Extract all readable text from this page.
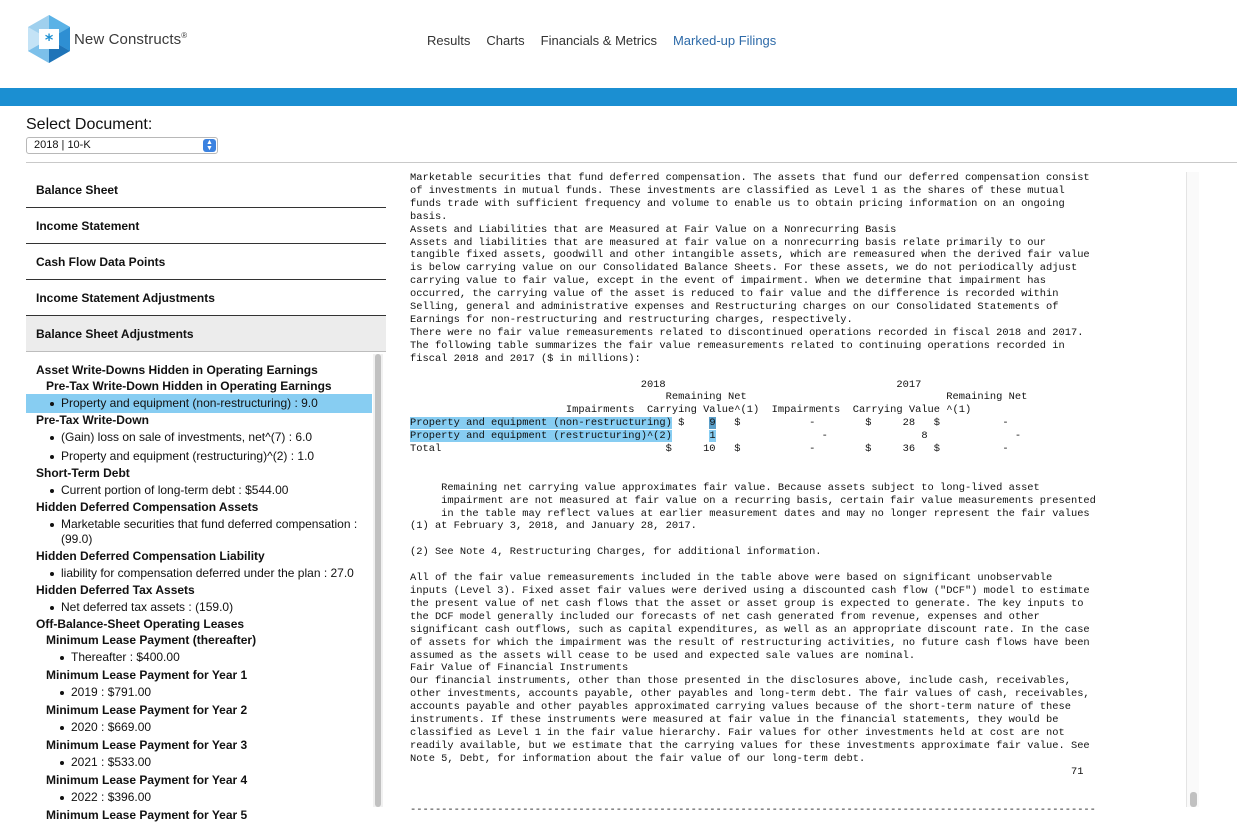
* New Constructs®	Results Charts Financials & Metrics Marked-up Filings
Select Document:
2018 | 10-K	▲
▼
Balance Sheet
Income Statement
Cash Flow Data Points
Income Statement Adjustments
Balance Sheet Adjustments
Asset Write-Downs Hidden in Operating Earnings
Pre-Tax Write-Down Hidden in Operating Earnings
Property and equipment (non-restructuring) : 9.0
Pre-Tax Write-Down
(Gain) loss on sale of investments, net^(7) : 6.0
Property and equipment (restructuring)^(2) : 1.0
Short-Term Debt
Current portion of long-term debt : $544.00
Hidden Deferred Compensation Assets
Marketable securities that fund deferred compensation : (99.0)
Hidden Deferred Compensation Liability
liability for compensation deferred under the plan : 27.0
Hidden Deferred Tax Assets
Net deferred tax assets : (159.0)
Off-Balance-Sheet Operating Leases
Minimum Lease Payment (thereafter)
Thereafter : $400.00
Minimum Lease Payment for Year 1
2019 : $791.00
Minimum Lease Payment for Year 2
2020 : $669.00
Minimum Lease Payment for Year 3
2021 : $533.00
Minimum Lease Payment for Year 4
2022 : $396.00
Minimum Lease Payment for Year 5
Marketable securities that fund deferred compensation. The assets that fund our deferred compensation consist
of investments in mutual funds. These investments are classified as Level 1 as the shares of these mutual
funds trade with sufficient frequency and volume to enable us to obtain pricing information on an ongoing
basis.
Assets and Liabilities that are Measured at Fair Value on a Nonrecurring Basis
Assets and liabilities that are measured at fair value on a nonrecurring basis relate primarily to our
tangible fixed assets, goodwill and other intangible assets, which are remeasured when the derived fair value
is below carrying value on our Consolidated Balance Sheets. For these assets, we do not periodically adjust
carrying value to fair value, except in the event of impairment. When we determine that impairment has
occurred, the carrying value of the asset is reduced to fair value and the difference is recorded within
Selling, general and administrative expenses and Restructuring charges on our Consolidated Statements of
Earnings for non-restructuring and restructuring charges, respectively.
There were no fair value remeasurements related to discontinued operations recorded in fiscal 2018 and 2017.
The following table summarizes the fair value remeasurements related to continuing operations recorded in
fiscal 2018 and 2017 ($ in millions):

2018                                     2017
Remaining Net                                Remaining Net
Impairments  Carrying Value^(1)  Impairments  Carrying Value ^(1)
Property and equipment (non-restructuring) $    9   $           -        $     28   $          -
Property and equipment (restructuring)^(2)	1                 -               8              -
Total                                    $     10   $           -        $     36   $          -

Remaining net carrying value approximates fair value. Because assets subject to long-lived asset
impairment are not measured at fair value on a recurring basis, certain fair value measurements presented
in the table may reflect values at earlier measurement dates and may no longer represent the fair values
(1) at February 3, 2018, and January 28, 2017.

(2) See Note 4, Restructuring Charges, for additional information.

All of the fair value remeasurements included in the table above were based on significant unobservable
inputs (Level 3). Fixed asset fair values were derived using a discounted cash flow ("DCF") model to estimate
the present value of net cash flows that the asset or asset group is expected to generate. The key inputs to
the DCF model generally included our forecasts of net cash generated from revenue, expenses and other
significant cash outflows, such as capital expenditures, as well as an appropriate discount rate. In the case
of assets for which the impairment was the result of restructuring activities, no future cash flows have been
assumed as the assets will cease to be used and expected sale values are nominal.
Fair Value of Financial Instruments
Our financial instruments, other than those presented in the disclosures above, include cash, receivables,
other investments, accounts payable, other payables and long-term debt. The fair values of cash, receivables,
accounts payable and other payables approximated carrying values because of the short-term nature of these
instruments. If these instruments were measured at fair value in the financial statements, they would be
classified as Level 1 in the fair value hierarchy. Fair values for other investments held at cost are not
readily available, but we estimate that the carrying values for these investments approximate fair value. See
Note 5, Debt, for information about the fair value of our long-term debt.
71

--------------------------------------------------------------------------------------------------------------
